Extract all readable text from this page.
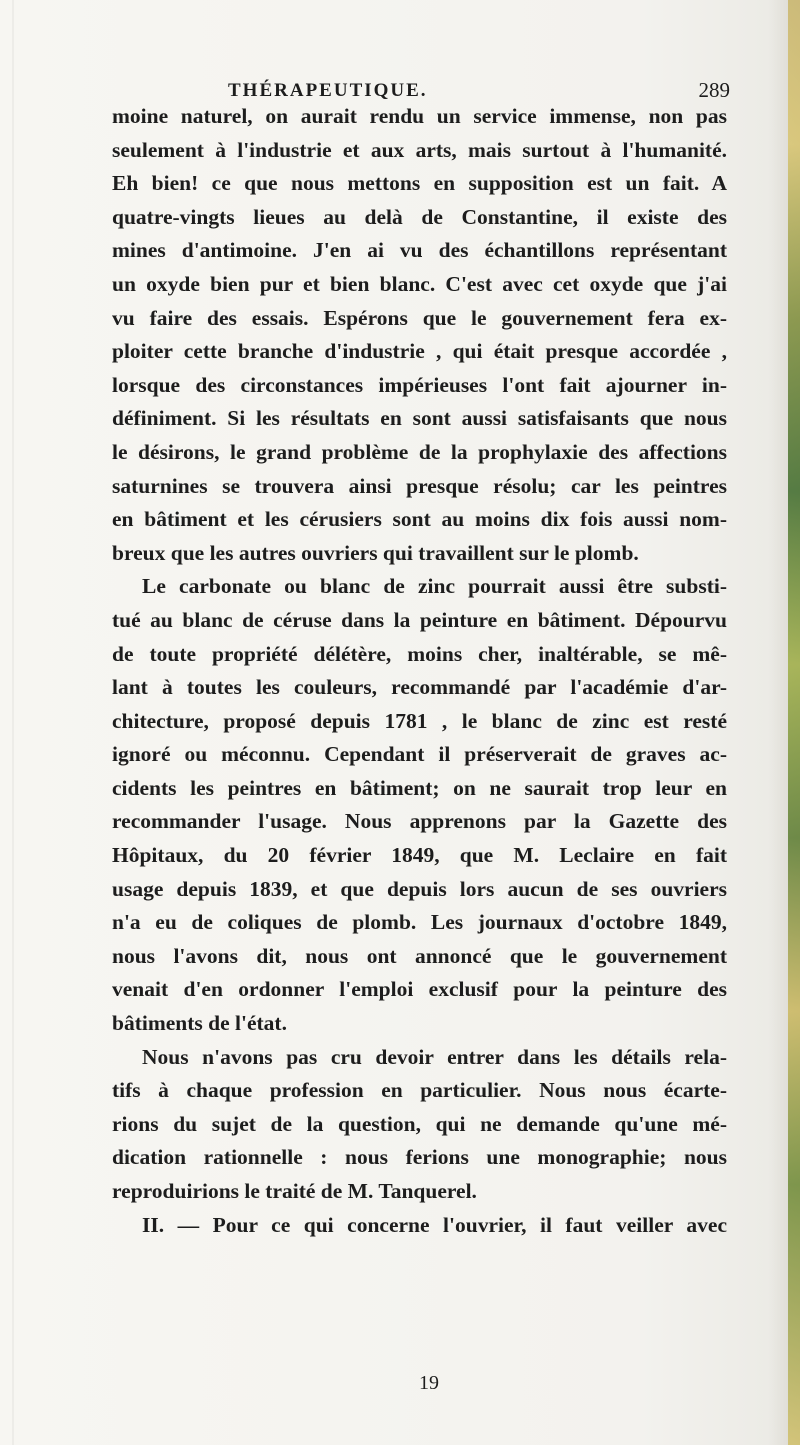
THÉRAPEUTIQUE.	289
moine naturel, on aurait rendu un service immense, non pas
seulement à l'industrie et aux arts, mais surtout à l'humanité.
Eh bien! ce que nous mettons en supposition est un fait. A
quatre-vingts lieues au delà de Constantine, il existe des
mines d'antimoine. J'en ai vu des échantillons représentant
un oxyde bien pur et bien blanc. C'est avec cet oxyde que j'ai
vu faire des essais. Espérons que le gouvernement fera ex-
ploiter cette branche d'industrie , qui était presque accordée ,
lorsque des circonstances impérieuses l'ont fait ajourner in-
définiment. Si les résultats en sont aussi satisfaisants que nous
le désirons, le grand problème de la prophylaxie des affections
saturnines se trouvera ainsi presque résolu; car les peintres
en bâtiment et les cérusiers sont au moins dix fois aussi nom-
breux que les autres ouvriers qui travaillent sur le plomb.
Le carbonate ou blanc de zinc pourrait aussi être substi-
tué au blanc de céruse dans la peinture en bâtiment. Dépourvu
de toute propriété délétère, moins cher, inaltérable, se mê-
lant à toutes les couleurs, recommandé par l'académie d'ar-
chitecture, proposé depuis 1781 , le blanc de zinc est resté
ignoré ou méconnu. Cependant il préserverait de graves ac-
cidents les peintres en bâtiment; on ne saurait trop leur en
recommander l'usage. Nous apprenons par la Gazette des
Hôpitaux, du 20 février 1849, que M. Leclaire en fait
usage depuis 1839, et que depuis lors aucun de ses ouvriers
n'a eu de coliques de plomb. Les journaux d'octobre 1849,
nous l'avons dit, nous ont annoncé que le gouvernement
venait d'en ordonner l'emploi exclusif pour la peinture des
bâtiments de l'état.
Nous n'avons pas cru devoir entrer dans les détails rela-
tifs à chaque profession en particulier. Nous nous écarte-
rions du sujet de la question, qui ne demande qu'une mé-
dication rationnelle : nous ferions une monographie; nous
reproduirions le traité de M. Tanquerel.
II. — Pour ce qui concerne l'ouvrier, il faut veiller avec
19
